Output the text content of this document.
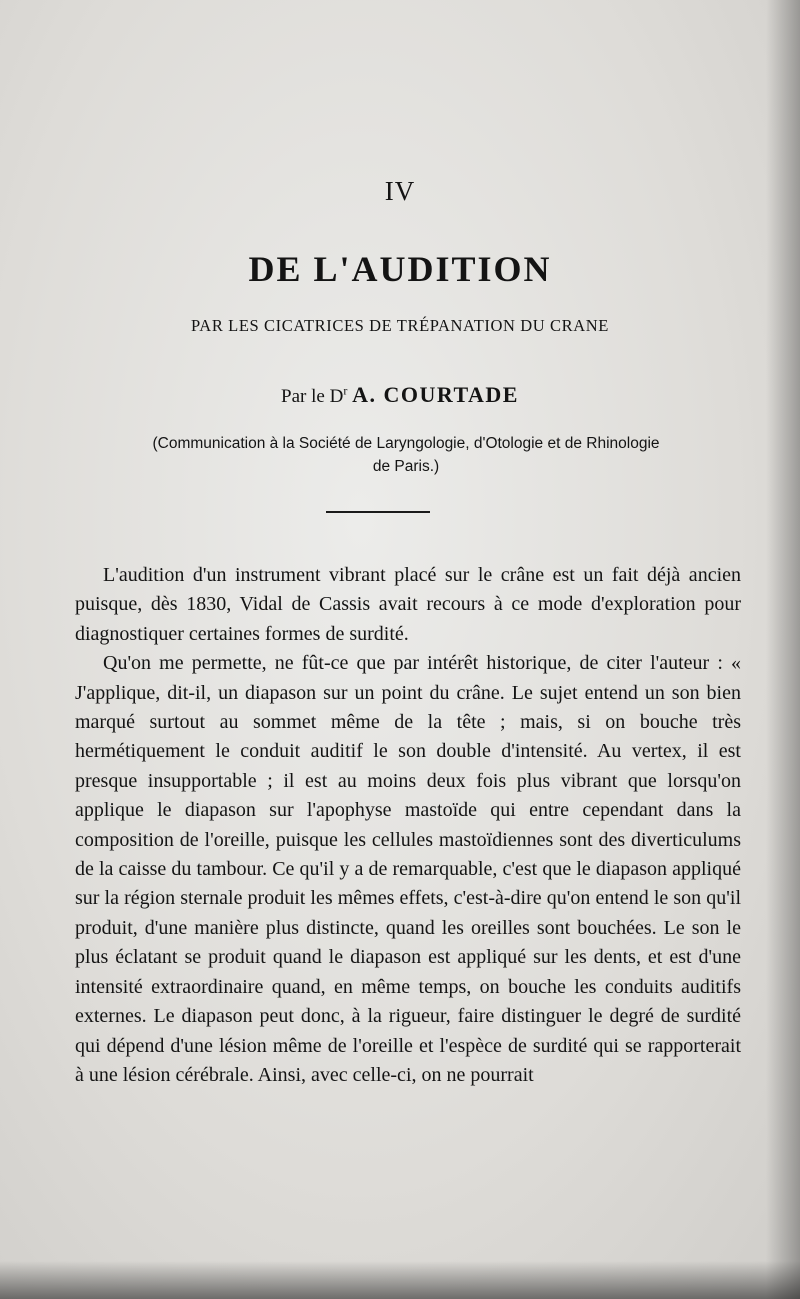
IV
DE L'AUDITION
PAR LES CICATRICES DE TRÉPANATION DU CRANE
Par le $D^r$ A. COURTADE
(Communication à la Société de Laryngologie, d'Otologie et de Rhinologie
de Paris.)

L'audition d'un instrument vibrant placé sur le crâne est un fait déjà ancien puisque, dès 1830, Vidal de Cassis avait recours à ce mode d'exploration pour diagnostiquer certaines formes de surdité.

Qu'on me permette, ne fût-ce que par intérêt historique, de citer l'auteur : « J'applique, dit-il, un diapason sur un point du crâne. Le sujet entend un son bien marqué surtout au sommet même de la tête ; mais, si on bouche très hermétiquement le conduit auditif le son double d'intensité. Au vertex, il est presque insupportable ; il est au moins deux fois plus vibrant que lorsqu'on applique le diapason sur l'apophyse mastoïde qui entre cependant dans la composition de l'oreille, puisque les cellules mastoïdiennes sont des diverticulums de la caisse du tambour. Ce qu'il y a de remarquable, c'est que le diapason appliqué sur la région sternale produit les mêmes effets, c'est-à-dire qu'on entend le son qu'il produit, d'une manière plus distincte, quand les oreilles sont bouchées. Le son le plus éclatant se produit quand le diapason est appliqué sur les dents, et est d'une intensité extraordinaire quand, en même temps, on bouche les conduits auditifs externes. Le diapason peut donc, à la rigueur, faire distinguer le degré de surdité qui dépend d'une lésion même de l'oreille et l'espèce de surdité qui se rapporterait à une lésion cérébrale. Ainsi, avec celle-ci, on ne pourrait
